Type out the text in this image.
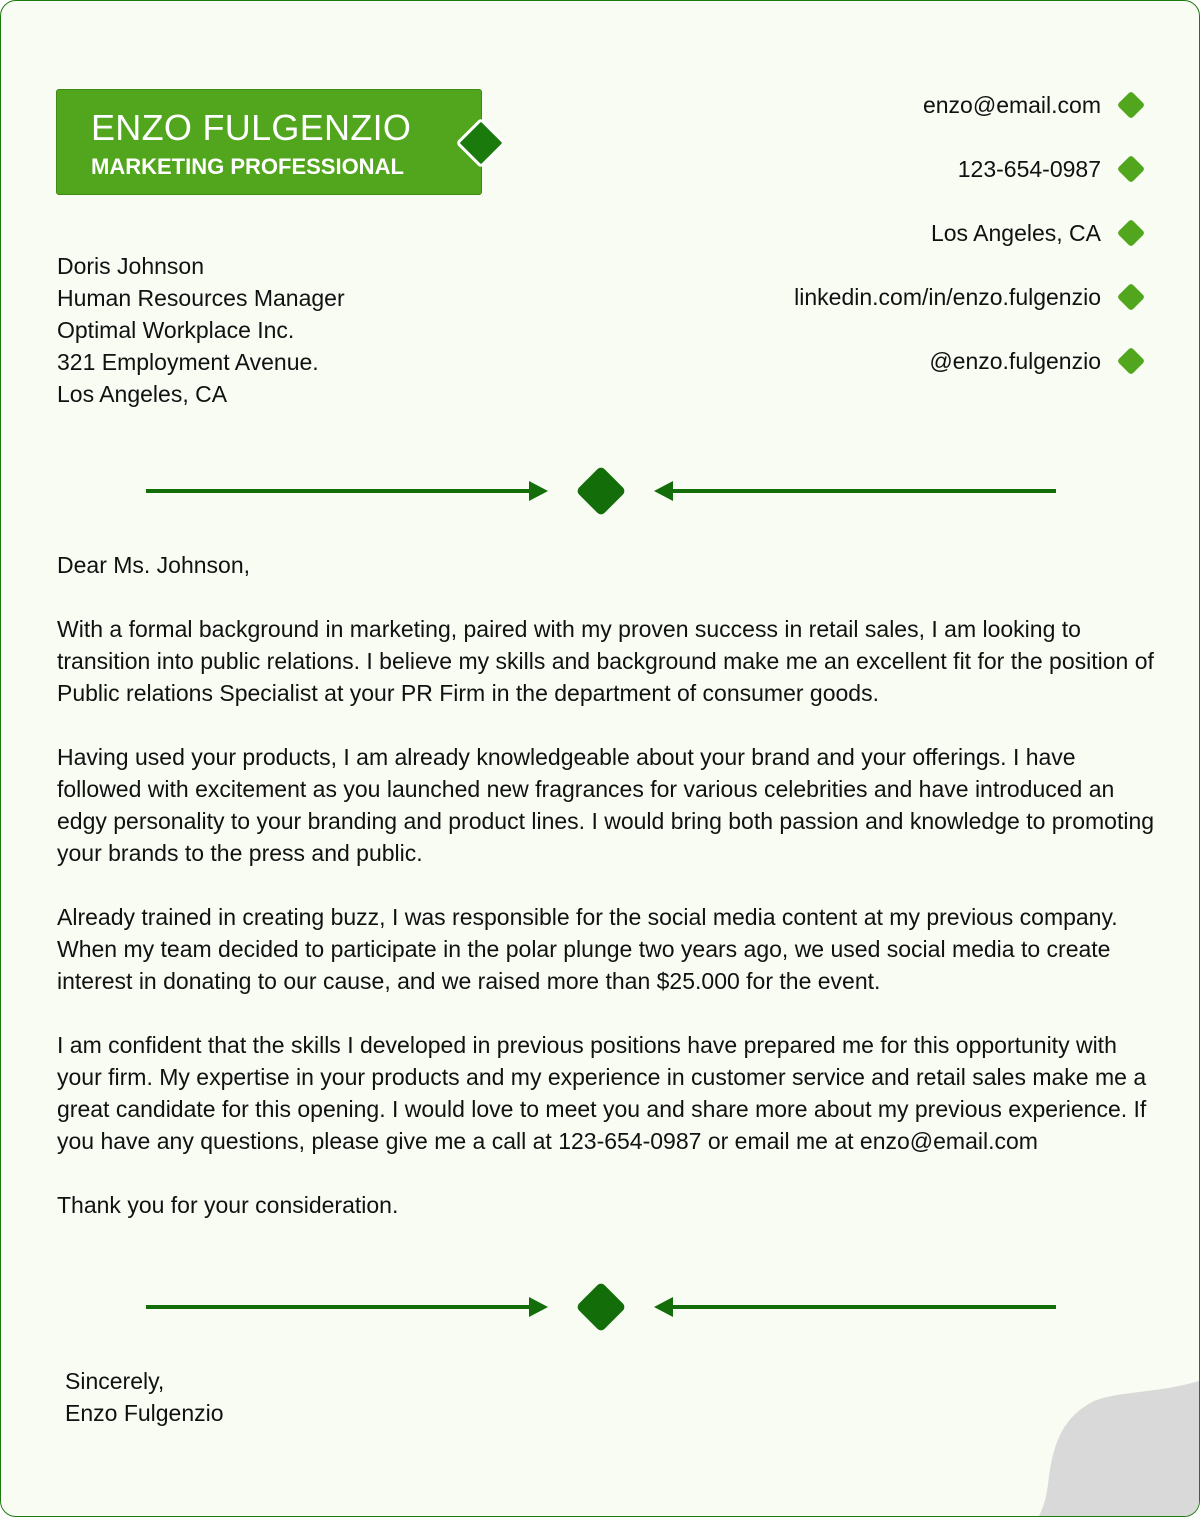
ENZO FULGENZIO
MARKETING PROFESSIONAL
enzo@email.com
123-654-0987
Los Angeles, CA
linkedin.com/in/enzo.fulgenzio
@enzo.fulgenzio
Doris Johnson
Human Resources Manager
Optimal Workplace Inc.
321 Employment Avenue.
Los Angeles, CA

Dear Ms. Johnson,

With a formal background in marketing, paired with my proven success in retail sales, I am looking to transition into public relations. I believe my skills and background make me an excellent fit for the position of Public relations Specialist at your PR Firm in the department of consumer goods.

Having used your products, I am already knowledgeable about your brand and your offerings. I have followed with excitement as you launched new fragrances for various celebrities and have introduced an edgy personality to your branding and product lines. I would bring both passion and knowledge to promoting your brands to the press and public.

Already trained in creating buzz, I was responsible for the social media content at my previous company. When my team decided to participate in the polar plunge two years ago, we used social media to create interest in donating to our cause, and we raised more than $25.000 for the event.

I am confident that the skills I developed in previous positions have prepared me for this opportunity with your firm. My expertise in your products and my experience in customer service and retail sales make me a great candidate for this opening. I would love to meet you and share more about my previous experience. If you have any questions, please give me a call at 123-654-0987 or email me at enzo@email.com

Thank you for your consideration.

Sincerely,
Enzo Fulgenzio
